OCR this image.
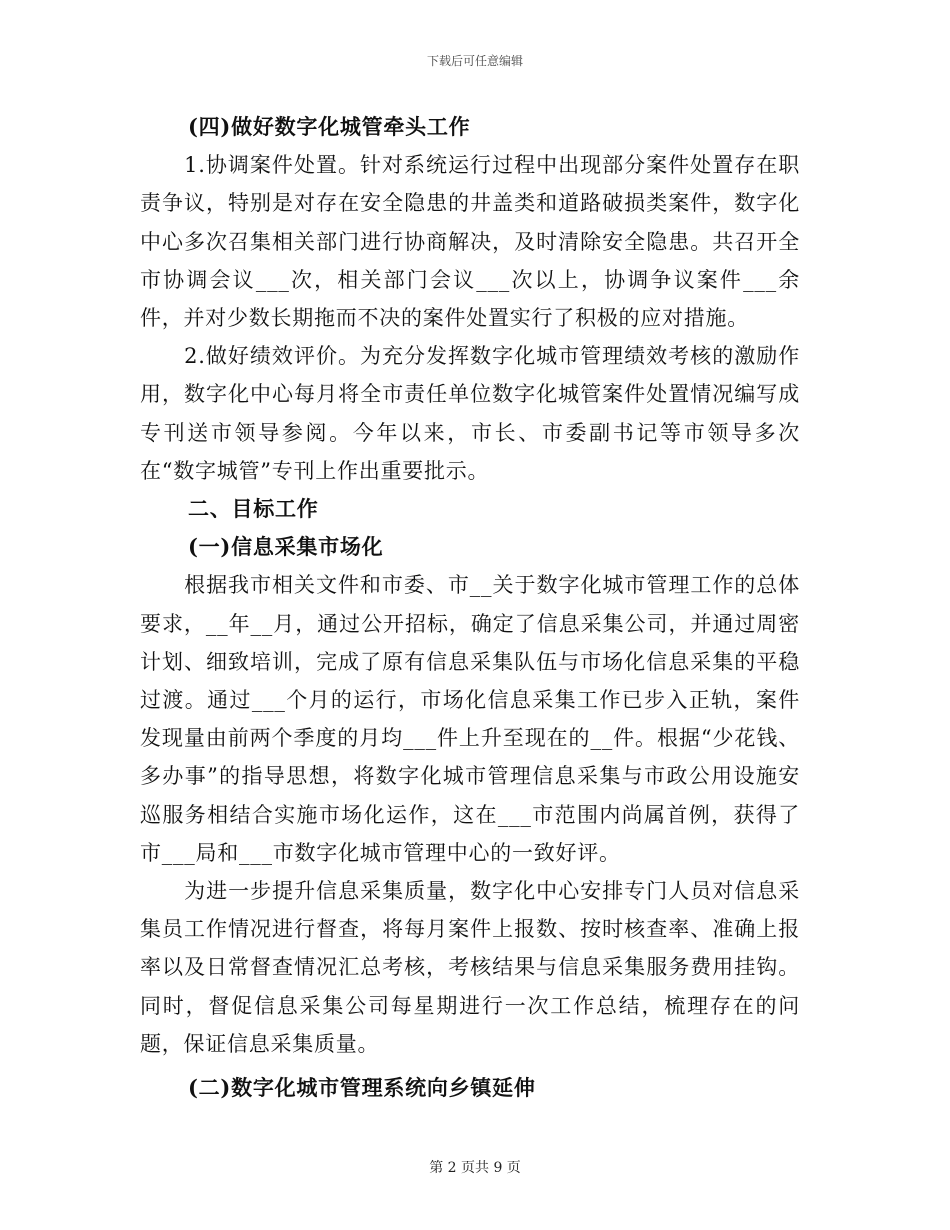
下载后可任意编辑

(四)做好数字化城管牵头工作

1.协调案件处置。针对系统运行过程中出现部分案件处置存在职责争议，特别是对存在安全隐患的井盖类和道路破损类案件，数字化中心多次召集相关部门进行协商解决，及时清除安全隐患。共召开全市协调会议___次，相关部门会议___次以上，协调争议案件___余件，并对少数长期拖而不决的案件处置实行了积极的应对措施。

2.做好绩效评价。为充分发挥数字化城市管理绩效考核的激励作用，数字化中心每月将全市责任单位数字化城管案件处置情况编写成专刊送市领导参阅。今年以来，市长、市委副书记等市领导多次在“数字城管”专刊上作出重要批示。

二、目标工作

(一)信息采集市场化

根据我市相关文件和市委、市__关于数字化城市管理工作的总体要求，__年__月，通过公开招标，确定了信息采集公司，并通过周密计划、细致培训，完成了原有信息采集队伍与市场化信息采集的平稳过渡。通过___个月的运行，市场化信息采集工作已步入正轨，案件发现量由前两个季度的月均___件上升至现在的__件。根据“少花钱、多办事”的指导思想，将数字化城市管理信息采集与市政公用设施安巡服务相结合实施市场化运作，这在___市范围内尚属首例，获得了市___局和___市数字化城市管理中心的一致好评。

为进一步提升信息采集质量，数字化中心安排专门人员对信息采集员工作情况进行督查，将每月案件上报数、按时核查率、准确上报率以及日常督查情况汇总考核，考核结果与信息采集服务费用挂钩。同时，督促信息采集公司每星期进行一次工作总结，梳理存在的问题，保证信息采集质量。

(二)数字化城市管理系统向乡镇延伸

第 2 页共 9 页
